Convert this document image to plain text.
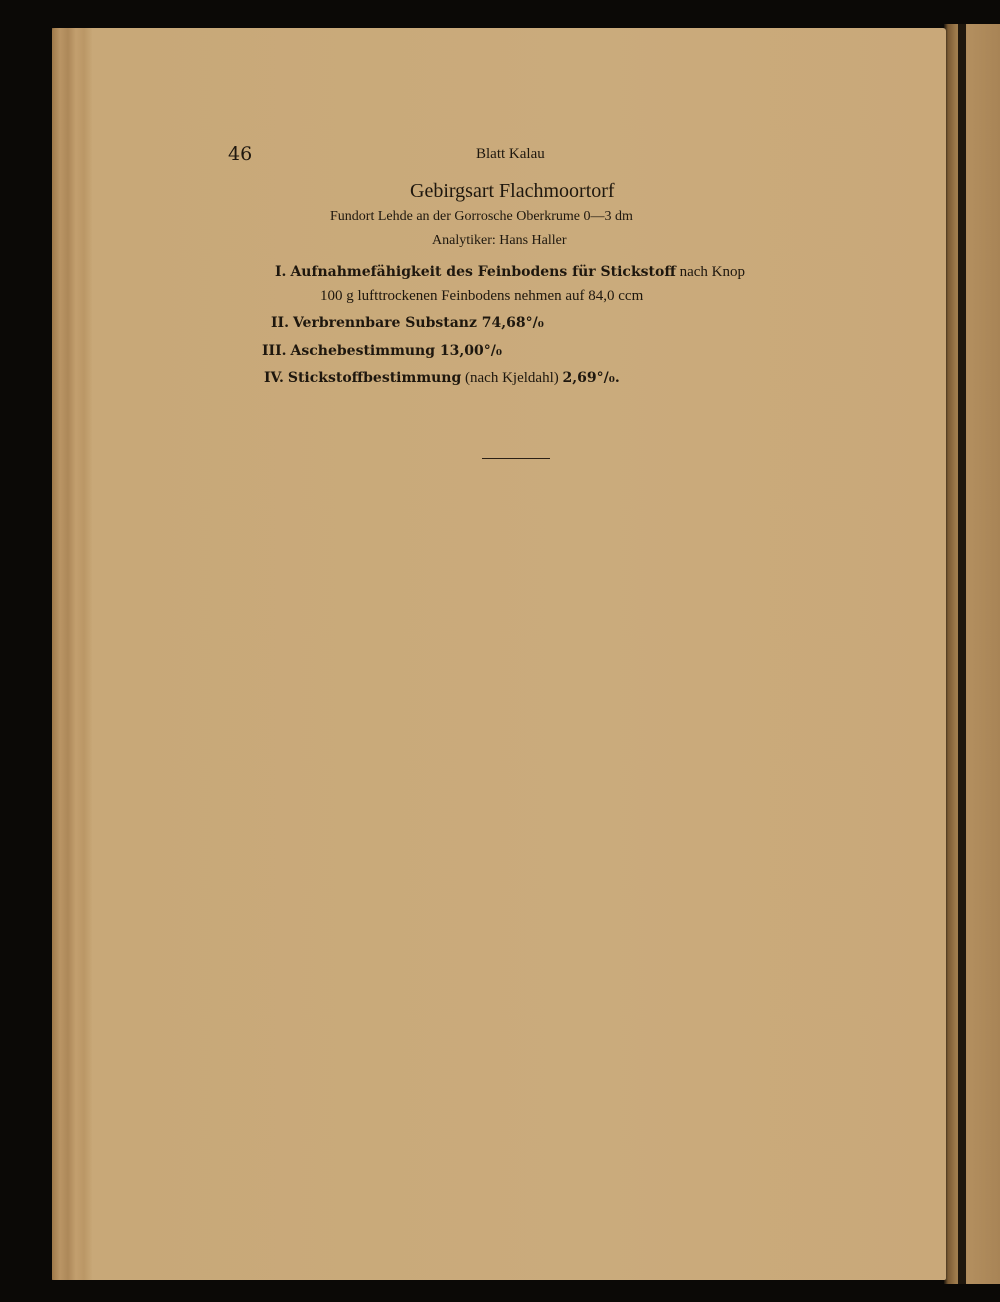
46	Blatt Kalau
Gebirgsart Flachmoortorf
Fundort Lehde an der Gorrosche Oberkrume 0—3 dm
Analytiker: Hans Haller
I. Aufnahmefähigkeit des Feinbodens für Stickstoff nach Knop
100 g lufttrockenen Feinbodens nehmen auf 84,0 ccm
II. Verbrennbare Substanz 74,68°/₀
III. Aschebestimmung 13,00°/₀
IV. Stickstoffbestimmung (nach Kjeldahl) 2,69°/₀.
